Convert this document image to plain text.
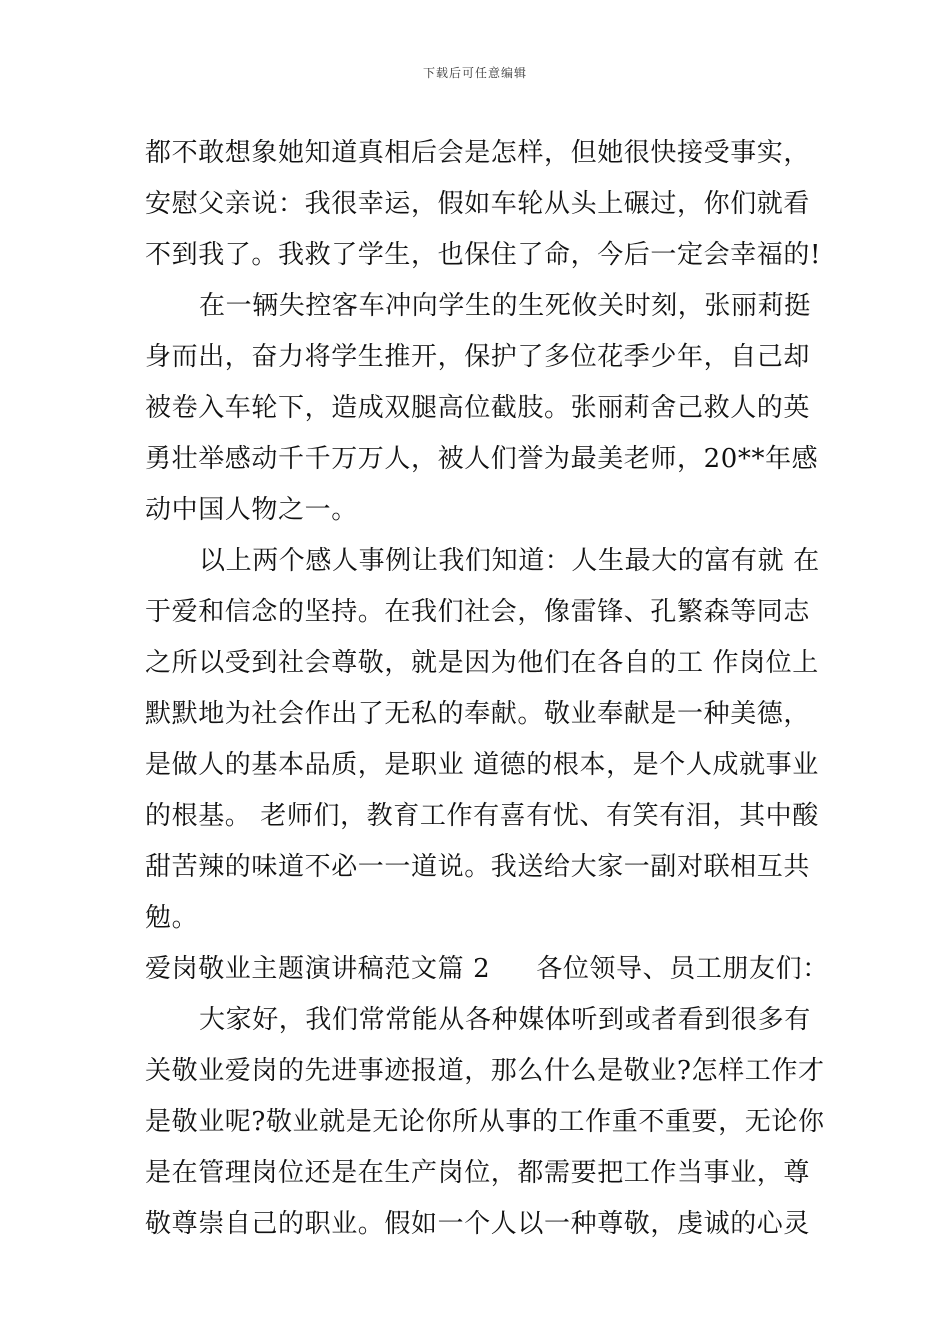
下载后可任意编辑
都不敢想象她知道真相后会是怎样，但她很快接受事实，
安慰父亲说：我很幸运，假如车轮从头上碾过，你们就看
不到我了。我救了学生，也保住了命，今后一定会幸福的!
在一辆失控客车冲向学生的生死攸关时刻，张丽莉挺
身而出，奋力将学生推开，保护了多位花季少年，自己却
被卷入车轮下，造成双腿高位截肢。张丽莉舍己救人的英
勇壮举感动千千万万人，被人们誉为最美老师，20**年感
动中国人物之一。
以上两个感人事例让我们知道：人生最大的富有就 在
于爱和信念的坚持。在我们社会，像雷锋、孔繁森等同志
之所以受到社会尊敬，就是因为他们在各自的工 作岗位上
默默地为社会作出了无私的奉献。敬业奉献是一种美德，
是做人的基本品质，是职业 道德的根本，是个人成就事业
的根基。 老师们，教育工作有喜有忧、有笑有泪，其中酸
甜苦辣的味道不必一一道说。我送给大家一副对联相互共
勉。
爱岗敬业主题演讲稿范文篇 2 各位领导、员工朋友们：
大家好，我们常常能从各种媒体听到或者看到很多有
关敬业爱岗的先进事迹报道，那么什么是敬业?怎样工作才
是敬业呢?敬业就是无论你所从事的工作重不重要，无论你
是在管理岗位还是在生产岗位，都需要把工作当事业，尊
敬尊崇自己的职业。假如一个人以一种尊敬，虔诚的心灵
